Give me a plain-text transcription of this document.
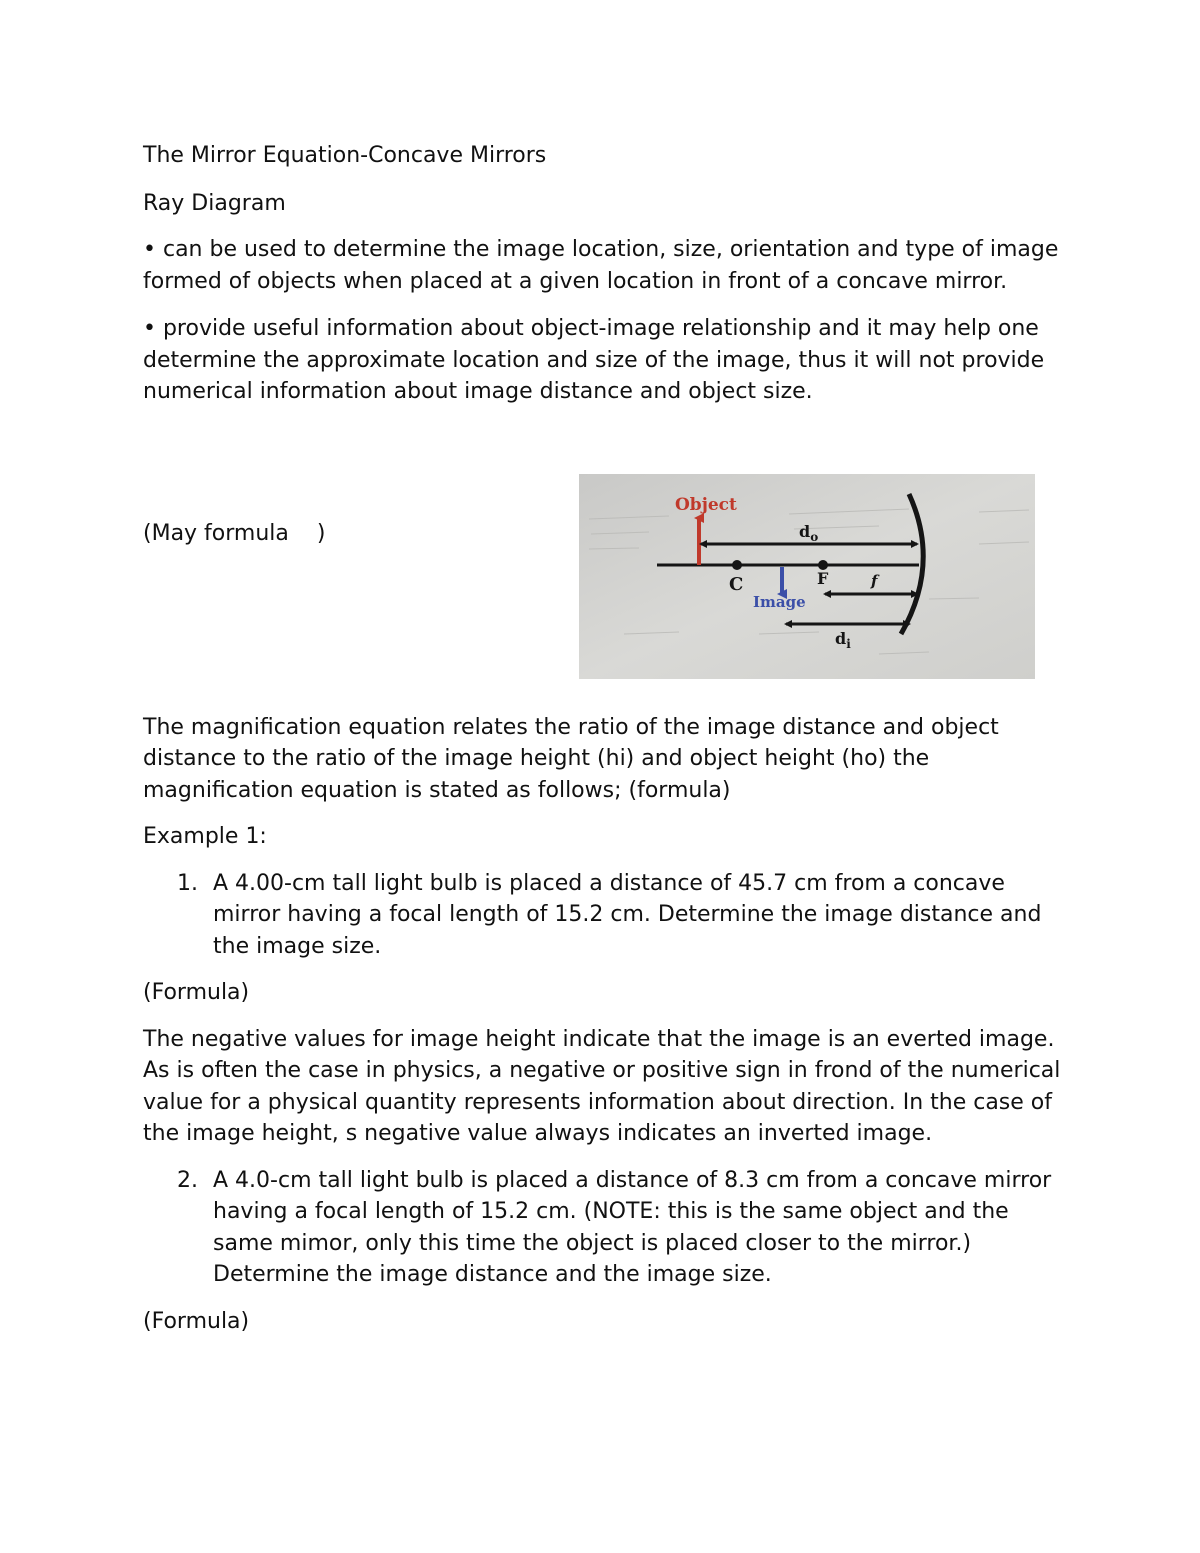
The Mirror Equation-Concave Mirrors

Ray Diagram

• can be used to determine the image location, size, orientation and type of image formed of objects when placed at a given location in front of a concave mirror.

• provide useful information about object-image relationship and it may help one determine the approximate location and size of the image, thus it will not provide numerical information about image distance and object size.

(May formula    )
Object
$d_o$
C	F
Image
f
$d_i$

The magnification equation relates the ratio of the image distance and object distance to the ratio of the image height (hi) and object height (ho) the magnification equation is stated as follows; (formula)

Example 1:

1. A 4.00-cm tall light bulb is placed a distance of 45.7 cm from a concave mirror having a focal length of 15.2 cm. Determine the image distance and the image size.

(Formula)

The negative values for image height indicate that the image is an everted image. As is often the case in physics, a negative or positive sign in frond of the numerical value for a physical quantity represents information about direction. In the case of the image height, s negative value always indicates an inverted image.

2. A 4.0-cm tall light bulb is placed a distance of 8.3 cm from a concave mirror having a focal length of 15.2 cm. (NOTE: this is the same object and the same mimor, only this time the object is placed closer to the mirror.) Determine the image distance and the image size.

(Formula)
